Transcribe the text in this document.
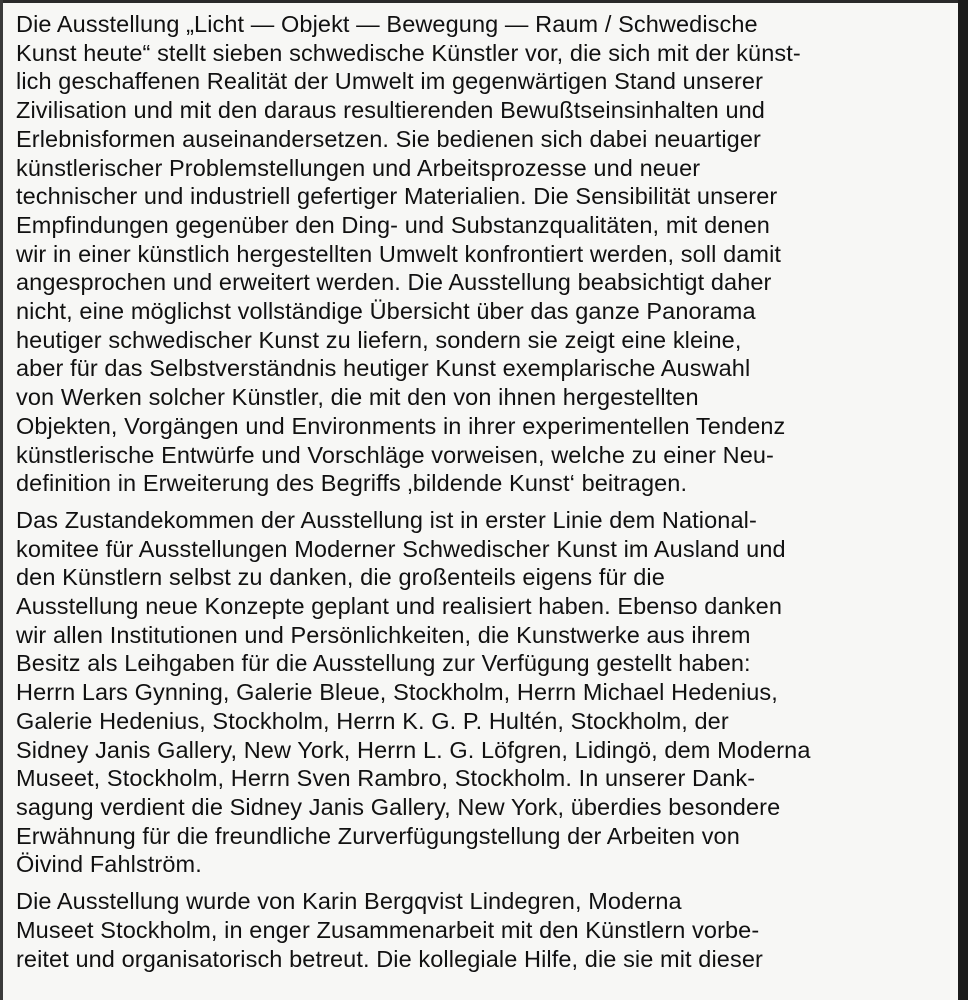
Die Ausstellung „Licht — Objekt — Bewegung — Raum / Schwedische
Kunst heute“ stellt sieben schwedische Künstler vor, die sich mit der künst-
lich geschaffenen Realität der Umwelt im gegenwärtigen Stand unserer
Zivilisation und mit den daraus resultierenden Bewußtseinsinhalten und
Erlebnisformen auseinandersetzen. Sie bedienen sich dabei neuartiger
künstlerischer Problemstellungen und Arbeitsprozesse und neuer
technischer und industriell gefertiger Materialien. Die Sensibilität unserer
Empfindungen gegenüber den Ding- und Substanzqualitäten, mit denen
wir in einer künstlich hergestellten Umwelt konfrontiert werden, soll damit
angesprochen und erweitert werden. Die Ausstellung beabsichtigt daher
nicht, eine möglichst vollständige Übersicht über das ganze Panorama
heutiger schwedischer Kunst zu liefern, sondern sie zeigt eine kleine,
aber für das Selbstverständnis heutiger Kunst exemplarische Auswahl
von Werken solcher Künstler, die mit den von ihnen hergestellten
Objekten, Vorgängen und Environments in ihrer experimentellen Tendenz
künstlerische Entwürfe und Vorschläge vorweisen, welche zu einer Neu-
definition in Erweiterung des Begriffs ‚bildende Kunst‘ beitragen.

Das Zustandekommen der Ausstellung ist in erster Linie dem National-
komitee für Ausstellungen Moderner Schwedischer Kunst im Ausland und
den Künstlern selbst zu danken, die großenteils eigens für die
Ausstellung neue Konzepte geplant und realisiert haben. Ebenso danken
wir allen Institutionen und Persönlichkeiten, die Kunstwerke aus ihrem
Besitz als Leihgaben für die Ausstellung zur Verfügung gestellt haben:
Herrn Lars Gynning, Galerie Bleue, Stockholm, Herrn Michael Hedenius,
Galerie Hedenius, Stockholm, Herrn K. G. P. Hultén, Stockholm, der
Sidney Janis Gallery, New York, Herrn L. G. Löfgren, Lidingö, dem Moderna
Museet, Stockholm, Herrn Sven Rambro, Stockholm. In unserer Dank-
sagung verdient die Sidney Janis Gallery, New York, überdies besondere
Erwähnung für die freundliche Zurverfügungstellung der Arbeiten von
Öivind Fahlström.

Die Ausstellung wurde von Karin Bergqvist Lindegren, Moderna
Museet Stockholm, in enger Zusammenarbeit mit den Künstlern vorbe-
reitet und organisatorisch betreut. Die kollegiale Hilfe, die sie mit dieser
